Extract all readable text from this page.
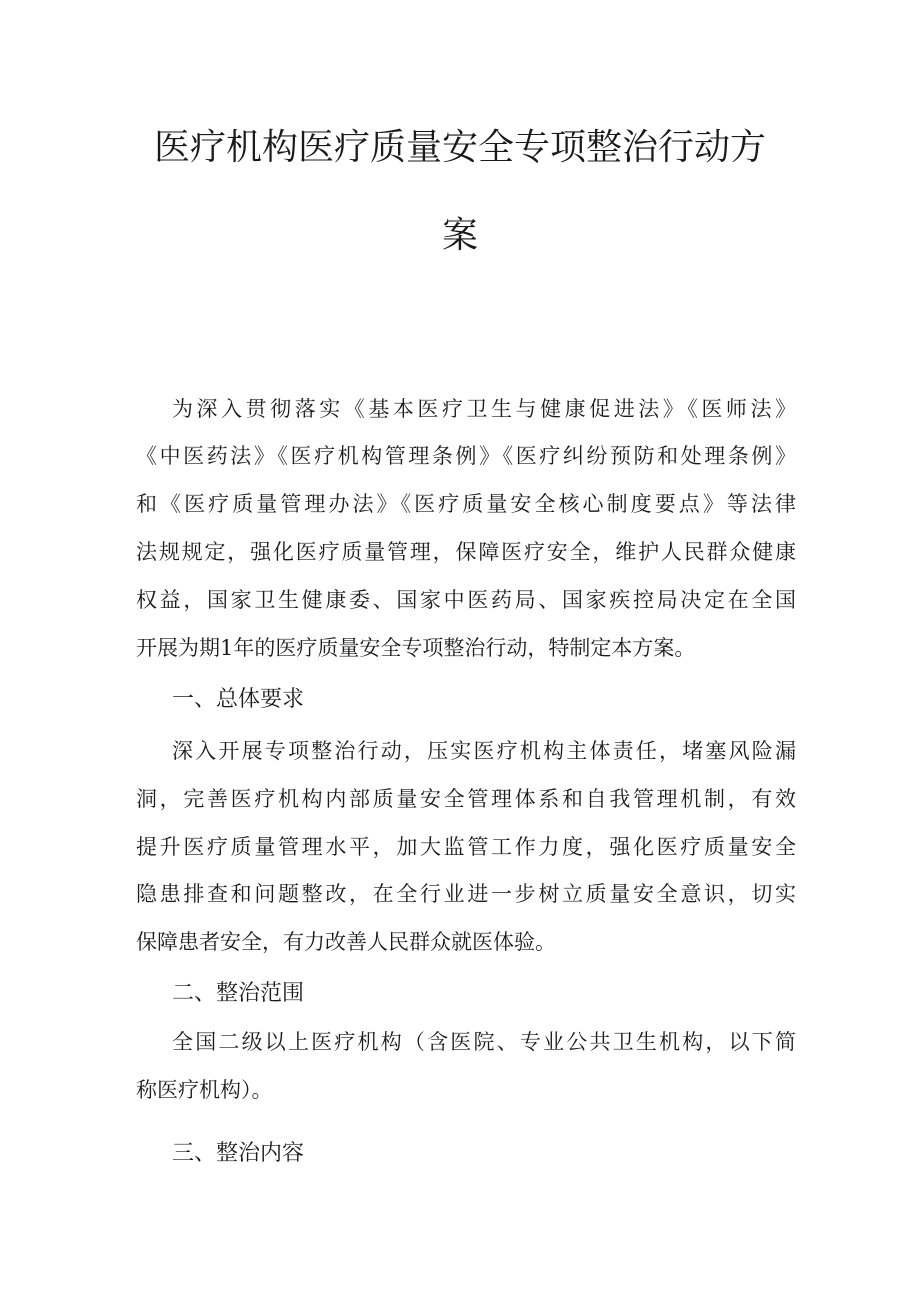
医疗机构医疗质量安全专项整治行动方
案
为深入贯彻落实《基本医疗卫生与健康促进法》《医师法》
《中医药法》《医疗机构管理条例》《医疗纠纷预防和处理条例》
和《医疗质量管理办法》《医疗质量安全核心制度要点》等法律
法规规定，强化医疗质量管理，保障医疗安全，维护人民群众健康
权益，国家卫生健康委、国家中医药局、国家疾控局决定在全国
开展为期1年的医疗质量安全专项整治行动，特制定本方案。
一、总体要求
深入开展专项整治行动，压实医疗机构主体责任，堵塞风险漏
洞，完善医疗机构内部质量安全管理体系和自我管理机制，有效
提升医疗质量管理水平，加大监管工作力度，强化医疗质量安全
隐患排查和问题整改，在全行业进一步树立质量安全意识，切实
保障患者安全，有力改善人民群众就医体验。
二、整治范围
全国二级以上医疗机构（含医院、专业公共卫生机构，以下简
称医疗机构）。
三、整治内容
